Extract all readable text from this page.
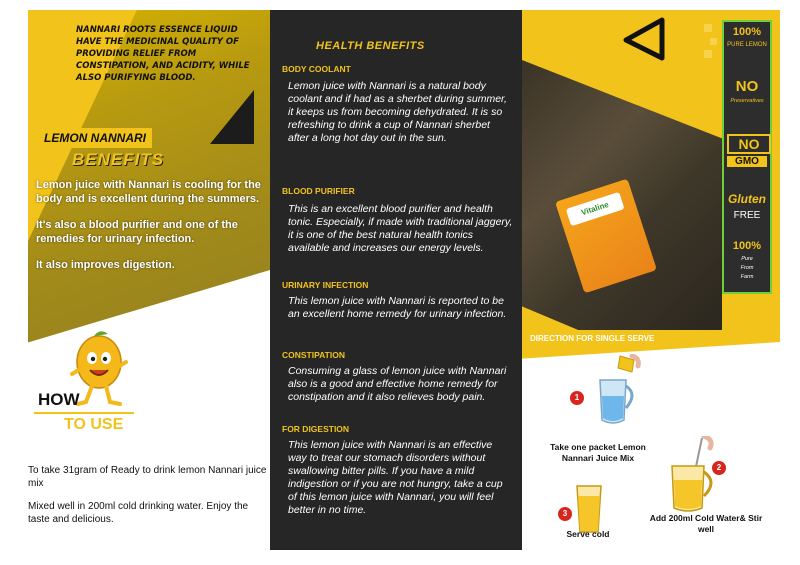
NANNARI ROOTS ESSENCE LIQUID HAVE THE MEDICINAL QUALITY OF PROVIDING RELIEF FROM CONSTIPATION, AND ACIDITY, WHILE ALSO PURIFYING BLOOD.
LEMON NANNARI
BENEFITS

Lemon juice with Nannari is cooling for the body and is excellent during the summers.

It's also a blood purifier and one of the remedies for urinary infection.

It also improves digestion.

HOW
TO USE

To take 31gram of Ready to drink lemon Nannari juice mix

Mixed well in 200ml cold drinking water. Enjoy the taste and delicious.

HEALTH BENEFITS
BODY COOLANT
Lemon juice with Nannari is a natural body coolant and if had as a sherbet during summer, it keeps us from becoming dehydrated. It is so refreshing to drink a cup of Nannari sherbet after a long hot day out in the sun.
BLOOD PURIFIER
This is an excellent blood purifier and health tonic. Especially, if made with traditional jaggery, it is one of the best natural health tonics available and increases our energy levels.
URINARY INFECTION
This lemon juice with Nannari is reported to be an excellent home remedy for urinary infection.
CONSTIPATION
Consuming a glass of lemon juice with Nannari also is a good and effective home remedy for constipation and it also relieves body pain.
FOR DIGESTION
This lemon juice with Nannari is an effective way to treat our stomach disorders without swallowing bitter pills. If you have a mild indigestion or if you are not hungry, take a cup of this lemon juice with Nannari, you will feel better in no time.
Vitaline
100%
PURE LEMON
NO
Preservatives
NO
GMO
Gluten
FREE
100%
Pure
From
Farm
DIRECTION FOR SINGLE SERVE
1
Take one packet Lemon Nannari Juice Mix
2
Add 200ml Cold Water& Stir well
3
Serve cold
